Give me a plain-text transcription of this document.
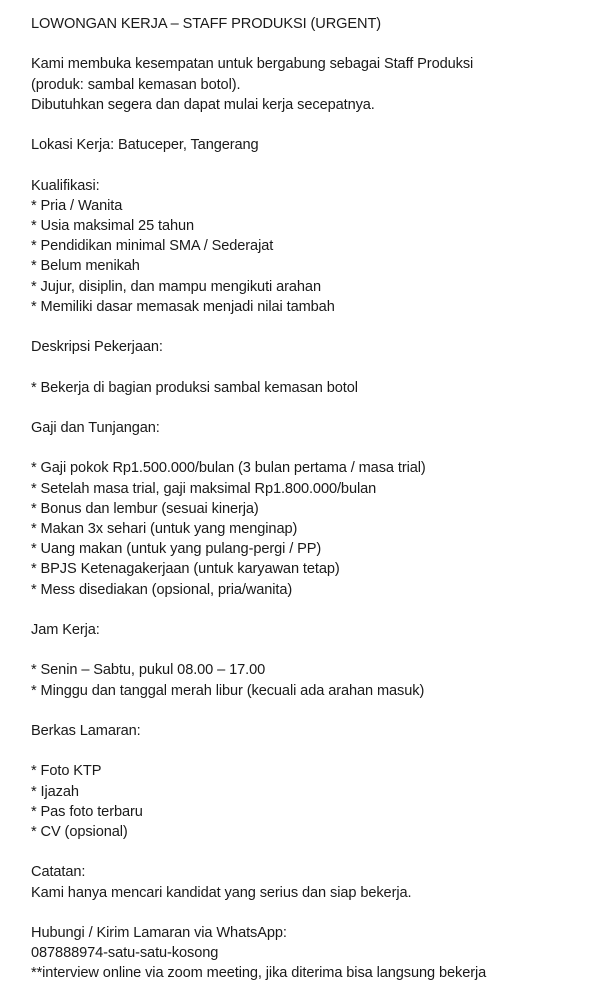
LOWONGAN KERJA – STAFF PRODUKSI (URGENT)
Kami membuka kesempatan untuk bergabung sebagai Staff Produksi
(produk: sambal kemasan botol).
Dibutuhkan segera dan dapat mulai kerja secepatnya.
Lokasi Kerja: Batuceper, Tangerang
Kualifikasi:
* Pria / Wanita
* Usia maksimal 25 tahun
* Pendidikan minimal SMA / Sederajat
* Belum menikah
* Jujur, disiplin, dan mampu mengikuti arahan
* Memiliki dasar memasak menjadi nilai tambah
Deskripsi Pekerjaan:
* Bekerja di bagian produksi sambal kemasan botol
Gaji dan Tunjangan:
* Gaji pokok Rp1.500.000/bulan (3 bulan pertama / masa trial)
* Setelah masa trial, gaji maksimal Rp1.800.000/bulan
* Bonus dan lembur (sesuai kinerja)
* Makan 3x sehari (untuk yang menginap)
* Uang makan (untuk yang pulang-pergi / PP)
* BPJS Ketenagakerjaan (untuk karyawan tetap)
* Mess disediakan (opsional, pria/wanita)
Jam Kerja:
* Senin – Sabtu, pukul 08.00 – 17.00
* Minggu dan tanggal merah libur (kecuali ada arahan masuk)
Berkas Lamaran:
* Foto KTP
* Ijazah
* Pas foto terbaru
* CV (opsional)
Catatan:
Kami hanya mencari kandidat yang serius dan siap bekerja.
Hubungi / Kirim Lamaran via WhatsApp:
087888974-satu-satu-kosong
**interview online via zoom meeting, jika diterima bisa langsung bekerja
